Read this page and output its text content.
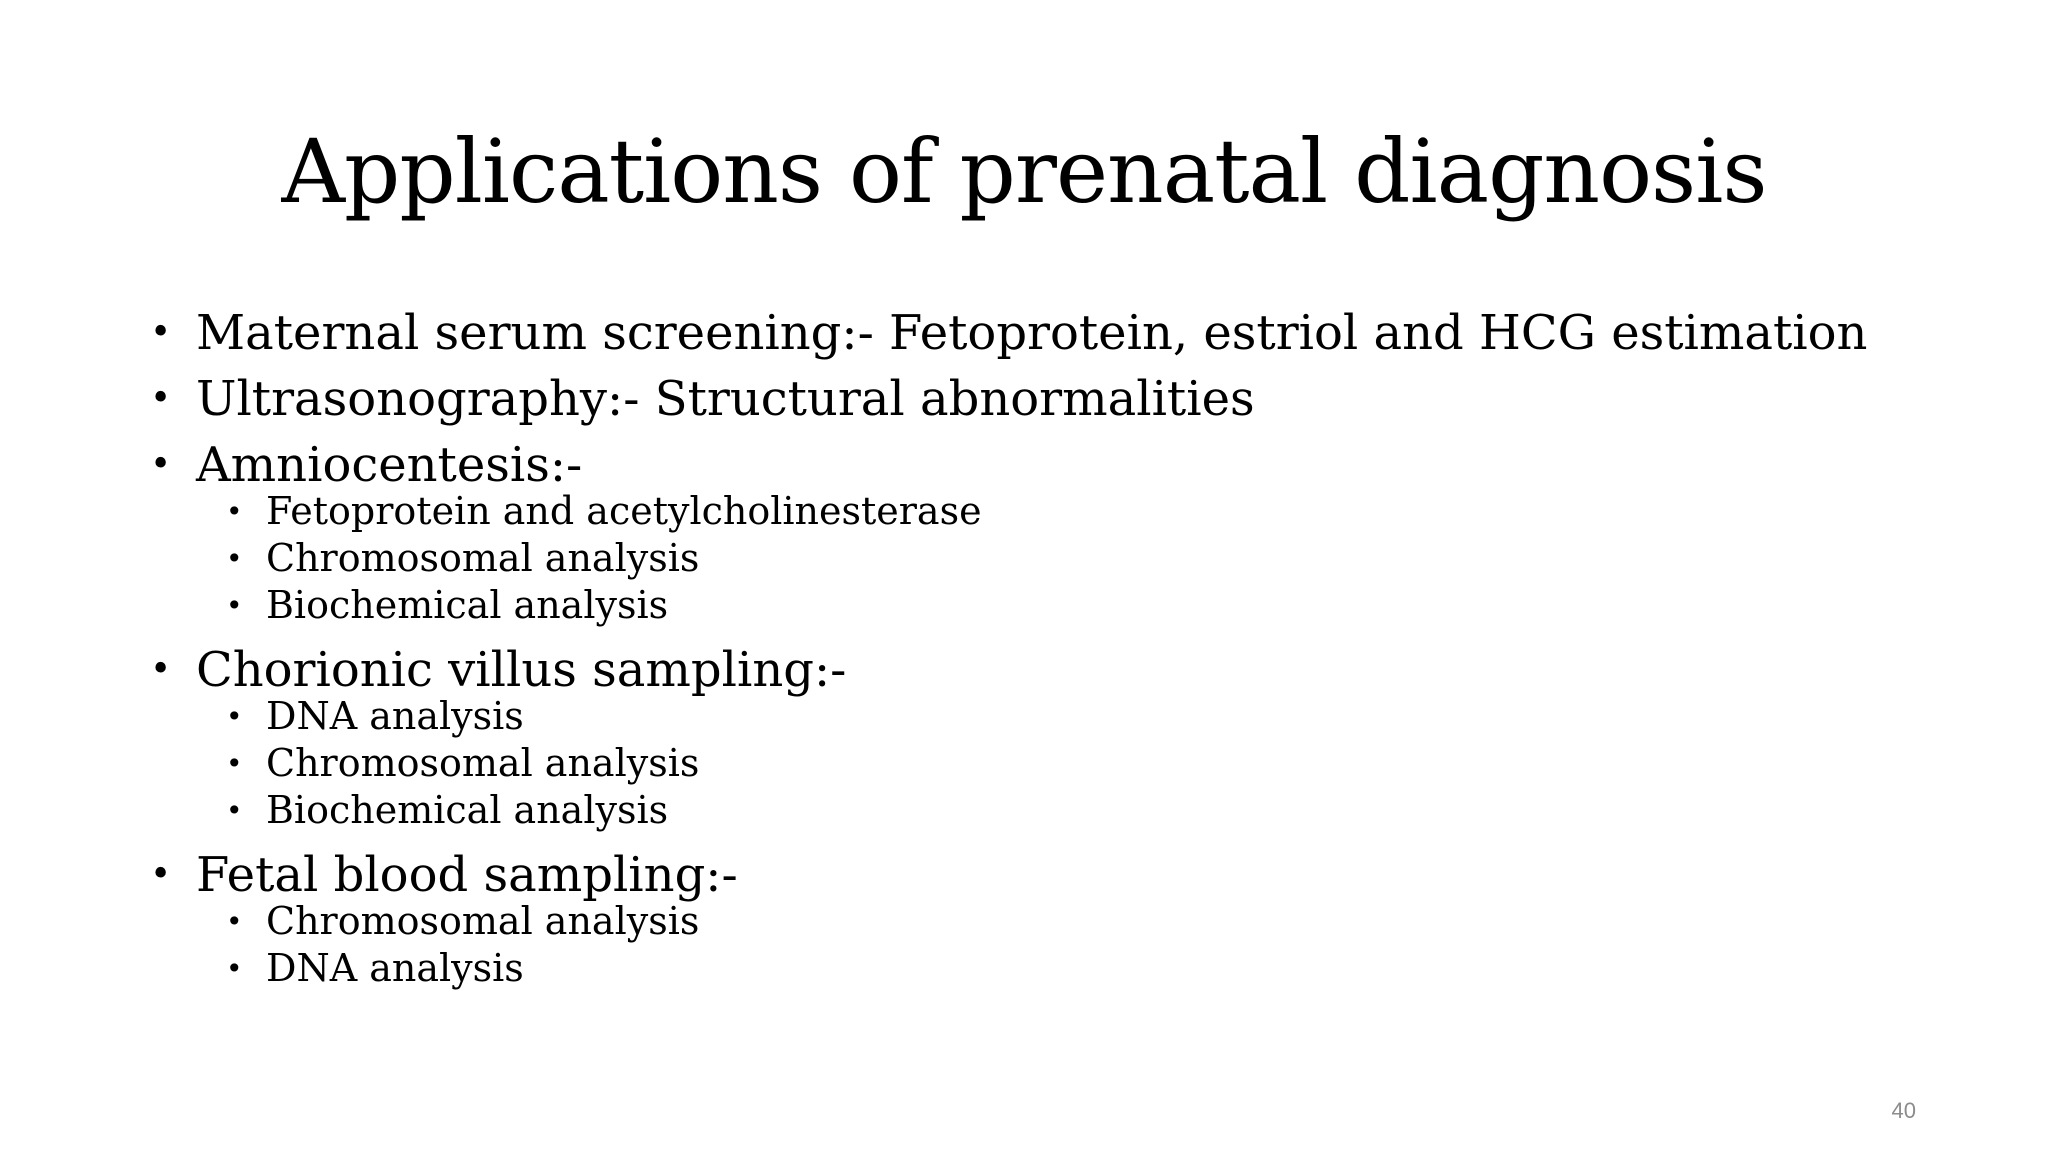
Applications of prenatal diagnosis
• Maternal serum screening:- Fetoprotein, estriol and HCG estimation
• Ultrasonography:- Structural abnormalities
• Amniocentesis:-
• Fetoprotein and acetylcholinesterase
• Chromosomal analysis
• Biochemical analysis
• Chorionic villus sampling:-
• DNA analysis
• Chromosomal analysis
• Biochemical analysis
• Fetal blood sampling:-
• Chromosomal analysis
• DNA analysis
40
